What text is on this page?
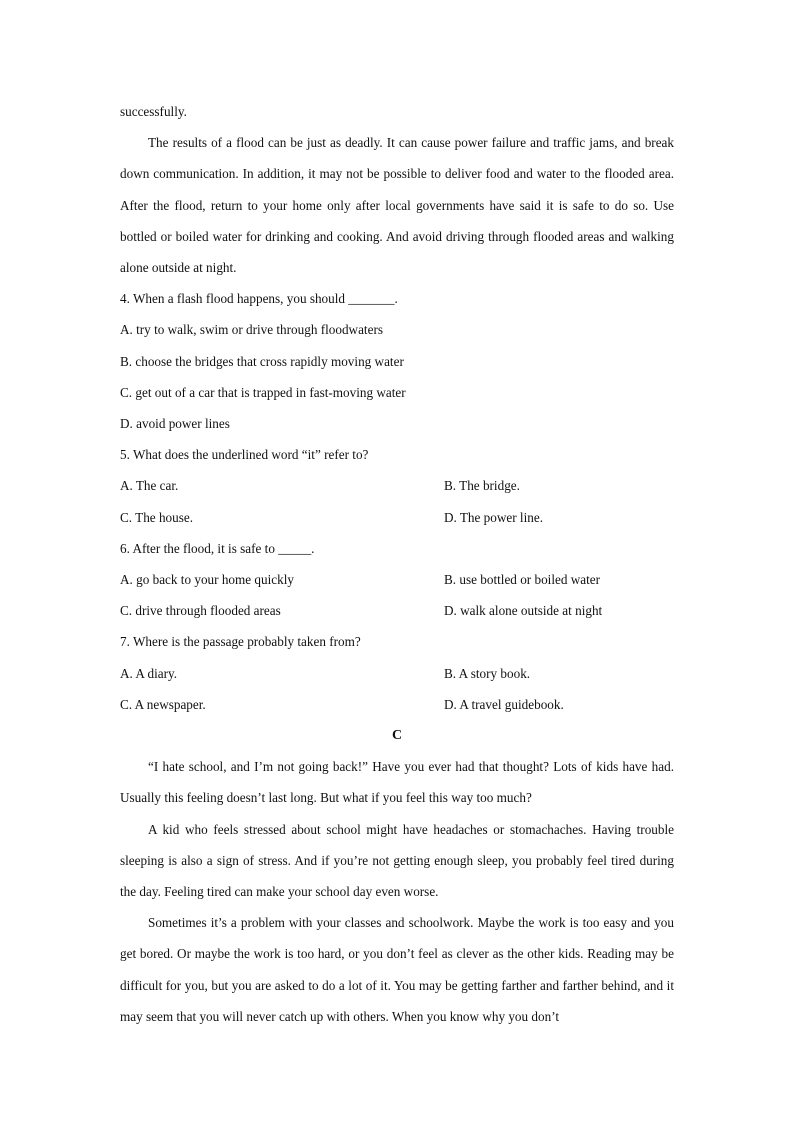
successfully.

The results of a flood can be just as deadly. It can cause power failure and traffic jams, and break down communication. In addition, it may not be possible to deliver food and water to the flooded area. After the flood, return to your home only after local governments have said it is safe to do so. Use bottled or boiled water for drinking and cooking. And avoid driving through flooded areas and walking alone outside at night.

4. When a flash flood happens, you should _______.

A. try to walk, swim or drive through floodwaters

B. choose the bridges that cross rapidly moving water

C. get out of a car that is trapped in fast-moving water

D. avoid power lines

5. What does the underlined word “it” refer to?

A. The car.	B. The bridge.
C. The house.	D. The power line.

6. After the flood, it is safe to _____.

A. go back to your home quickly	B. use bottled or boiled water
C. drive through flooded areas	D. walk alone outside at night

7. Where is the passage probably taken from?

A. A diary.	B. A story book.
C. A newspaper.	D. A travel guidebook.

C

“I hate school, and I’m not going back!” Have you ever had that thought? Lots of kids have had. Usually this feeling doesn’t last long. But what if you feel this way too much?

A kid who feels stressed about school might have headaches or stomachaches. Having trouble sleeping is also a sign of stress. And if you’re not getting enough sleep, you probably feel tired during the day. Feeling tired can make your school day even worse.

Sometimes it’s a problem with your classes and schoolwork. Maybe the work is too easy and you get bored. Or maybe the work is too hard, or you don’t feel as clever as the other kids. Reading may be difficult for you, but you are asked to do a lot of it. You may be getting farther and farther behind, and it may seem that you will never catch up with others. When you know why you don’t
